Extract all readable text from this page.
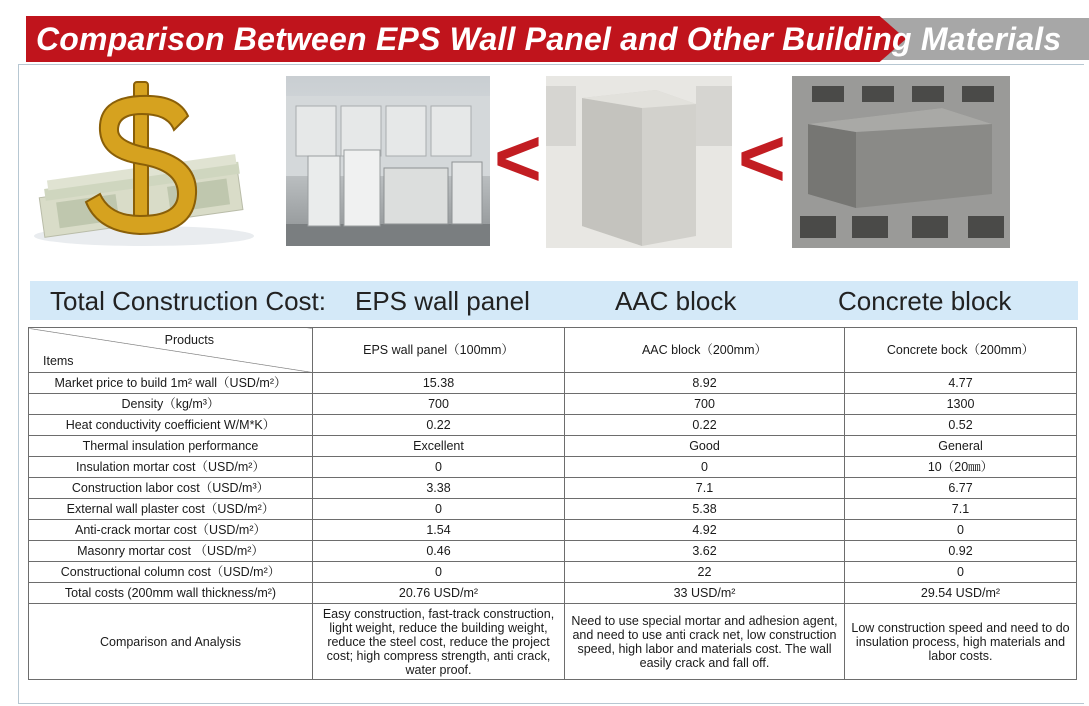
Comparison Between EPS Wall Panel and Other Building Materials
< <
Total Construction Cost: EPS wall panel	AAC block	Concrete block
Products
Items	EPS wall panel（100mm）	AAC block（200mm）	Concrete bock（200mm）
Market price to build 1m² wall（USD/m²）	15.38	8.92	4.77
Density（kg/m³）	700	700	1300
Heat conductivity coefficient W/M*K）	0.22	0.22	0.52
Thermal insulation performance	Excellent	Good	General
Insulation mortar cost（USD/m²）	0	0	10（20㎜）
Construction labor cost（USD/m³）	3.38	7.1	6.77
External wall plaster cost（USD/m²）	0	5.38	7.1
Anti-crack mortar cost（USD/m²）	1.54	4.92	0
Masonry mortar cost （USD/m²）	0.46	3.62	0.92
Constructional column cost（USD/m²）	0	22	0
Total costs (200mm wall thickness/m²)	20.76 USD/m²	33 USD/m²	29.54 USD/m²
Comparison and Analysis	Easy construction, fast-track construction, light weight, reduce the building weight, reduce the steel cost, reduce the project cost; high compress strength, anti crack, water proof.	Need to use special mortar and adhesion agent, and need to use anti crack net, low construction speed, high labor and materials cost. The wall easily crack and fall off.	Low construction speed and need to do insulation process, high materials and labor costs.
